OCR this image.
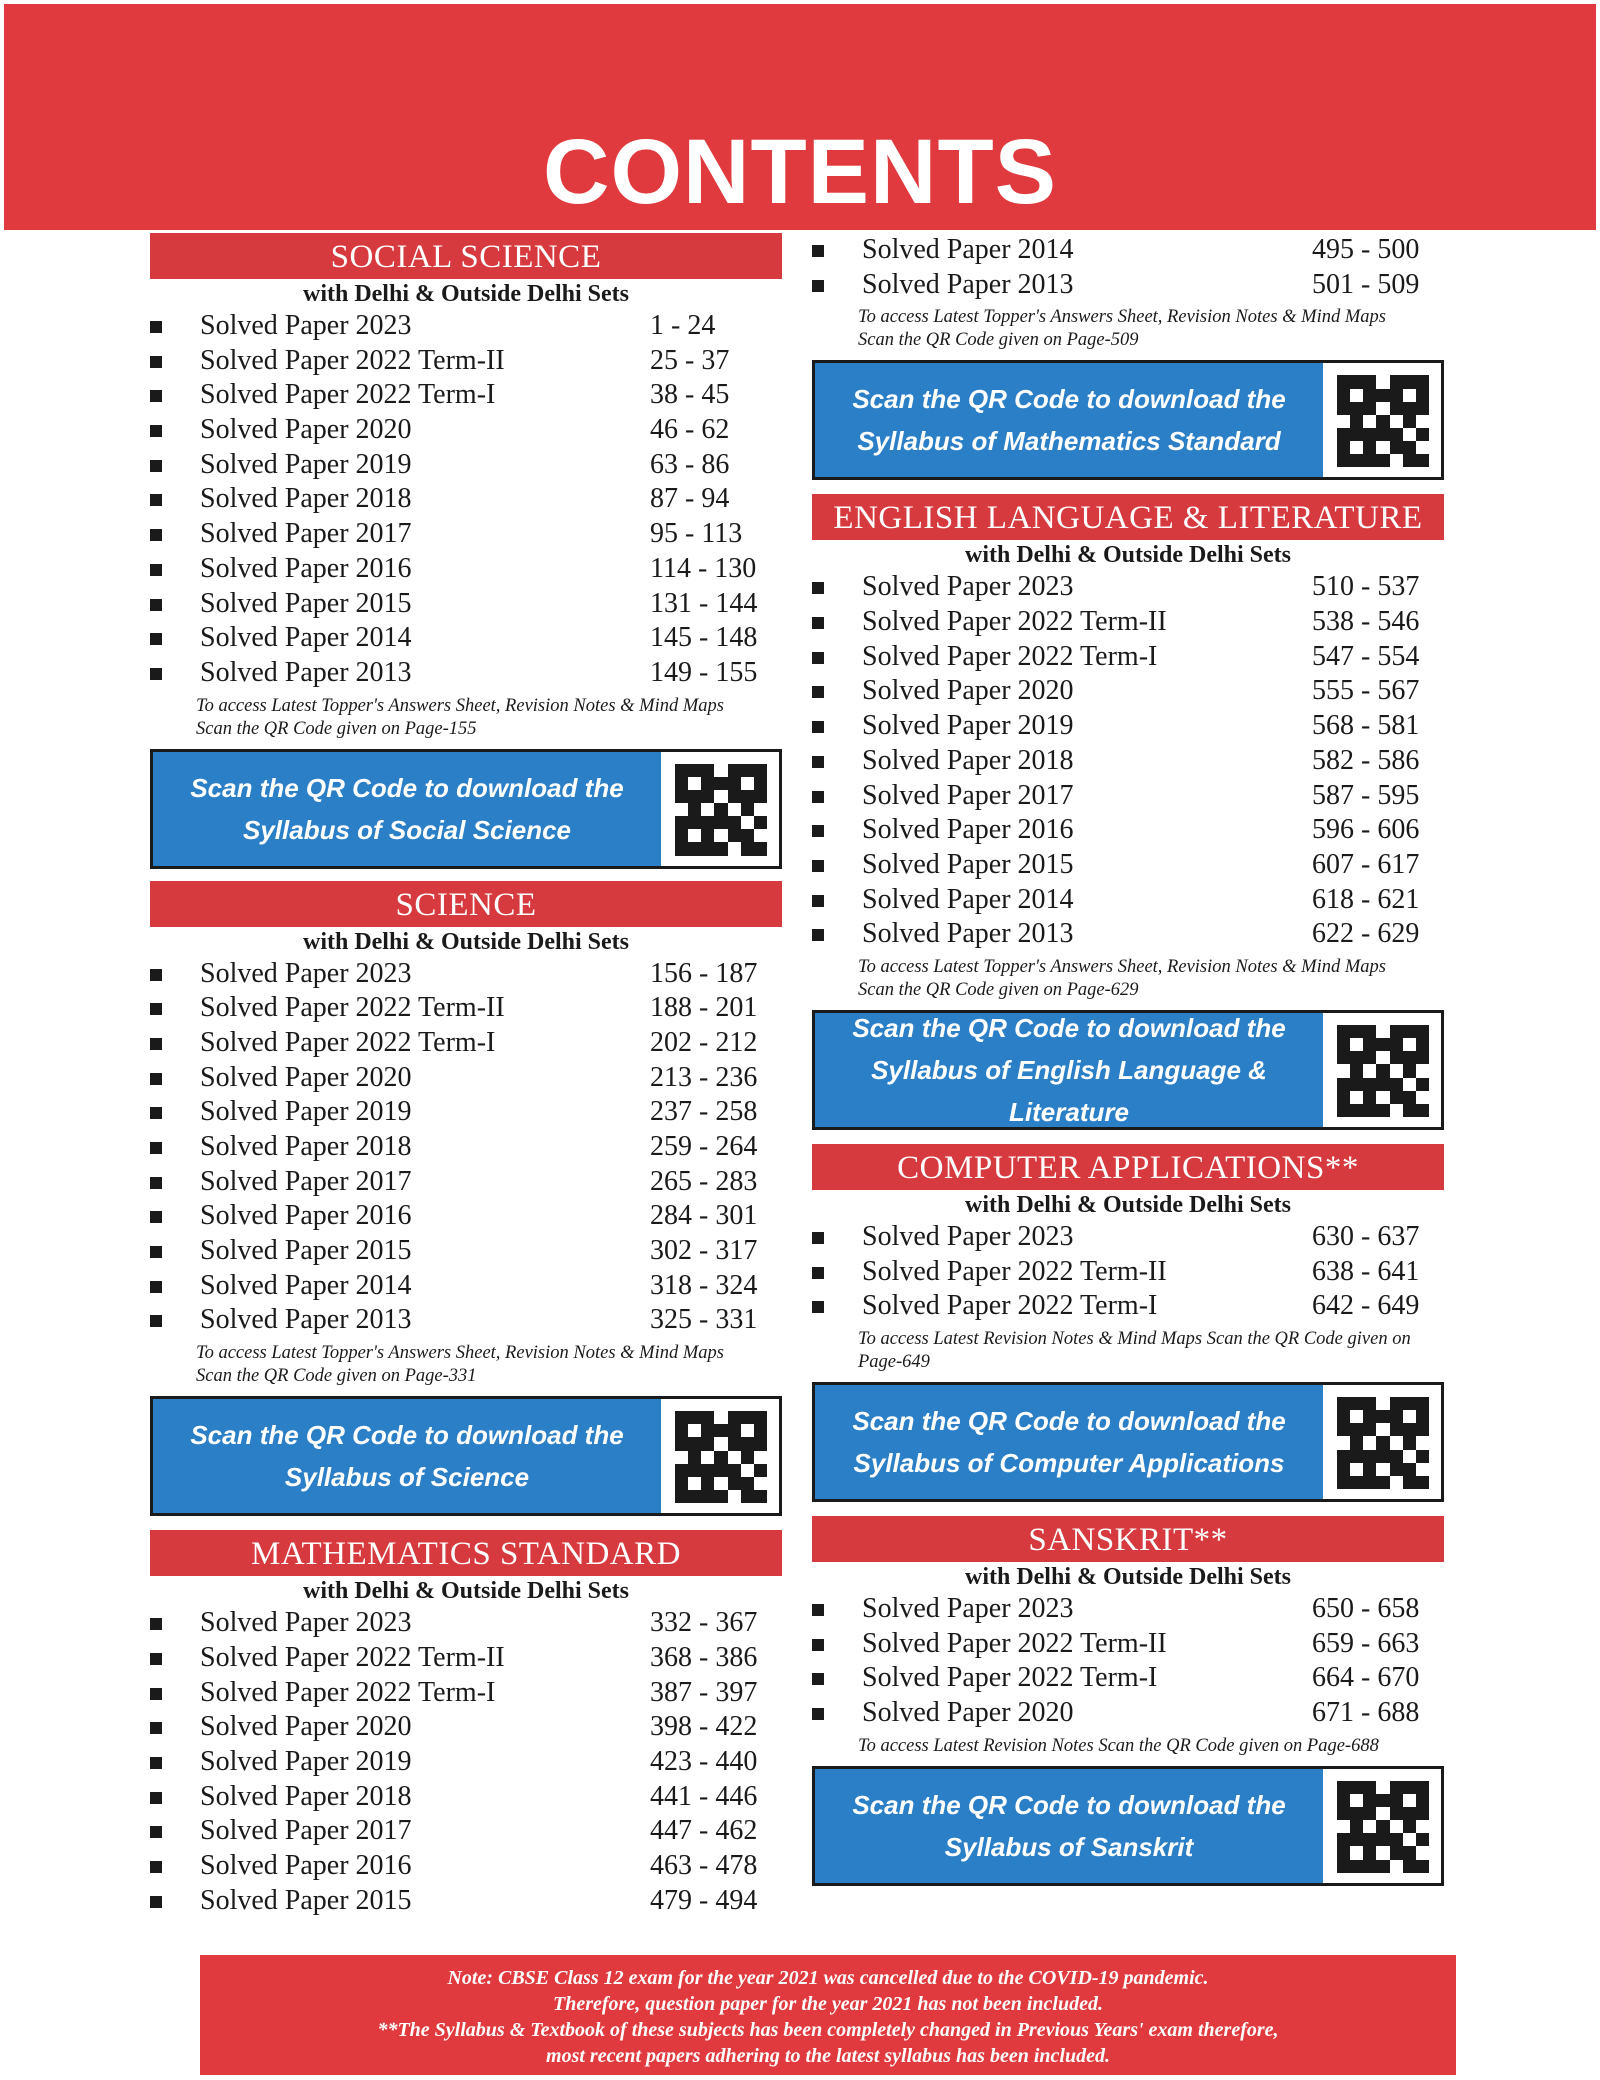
CONTENTS
SOCIAL SCIENCE
with Delhi & Outside Delhi Sets
Solved Paper 2023	1 - 24
Solved Paper 2022 Term-II	25 - 37
Solved Paper 2022 Term-I	38 - 45
Solved Paper 2020	46 - 62
Solved Paper 2019	63 - 86
Solved Paper 2018	87 - 94
Solved Paper 2017	95 - 113
Solved Paper 2016	114 - 130
Solved Paper 2015	131 - 144
Solved Paper 2014	145 - 148
Solved Paper 2013	149 - 155
To access Latest Topper's Answers Sheet, Revision Notes & Mind Maps Scan the QR Code given on Page-155
Scan the QR Code to download the Syllabus of Social Science
SCIENCE
with Delhi & Outside Delhi Sets
Solved Paper 2023	156 - 187
Solved Paper 2022 Term-II	188 - 201
Solved Paper 2022 Term-I	202 - 212
Solved Paper 2020	213 - 236
Solved Paper 2019	237 - 258
Solved Paper 2018	259 - 264
Solved Paper 2017	265 - 283
Solved Paper 2016	284 - 301
Solved Paper 2015	302 - 317
Solved Paper 2014	318 - 324
Solved Paper 2013	325 - 331
To access Latest Topper's Answers Sheet, Revision Notes & Mind Maps Scan the QR Code given on Page-331
Scan the QR Code to download the Syllabus of Science
MATHEMATICS STANDARD
with Delhi & Outside Delhi Sets
Solved Paper 2023	332 - 367
Solved Paper 2022 Term-II	368 - 386
Solved Paper 2022 Term-I	387 - 397
Solved Paper 2020	398 - 422
Solved Paper 2019	423 - 440
Solved Paper 2018	441 - 446
Solved Paper 2017	447 - 462
Solved Paper 2016	463 - 478
Solved Paper 2015	479 - 494
Solved Paper 2014	495 - 500
Solved Paper 2013	501 - 509
To access Latest Topper's Answers Sheet, Revision Notes & Mind Maps Scan the QR Code given on Page-509
Scan the QR Code to download the Syllabus of Mathematics Standard
ENGLISH LANGUAGE & LITERATURE
with Delhi & Outside Delhi Sets
Solved Paper 2023	510 - 537
Solved Paper 2022 Term-II	538 - 546
Solved Paper 2022 Term-I	547 - 554
Solved Paper 2020	555 - 567
Solved Paper 2019	568 - 581
Solved Paper 2018	582 - 586
Solved Paper 2017	587 - 595
Solved Paper 2016	596 - 606
Solved Paper 2015	607 - 617
Solved Paper 2014	618 - 621
Solved Paper 2013	622 - 629
To access Latest Topper's Answers Sheet, Revision Notes & Mind Maps Scan the QR Code given on Page-629
Scan the QR Code to download the Syllabus of English Language & Literature
COMPUTER APPLICATIONS**
with Delhi & Outside Delhi Sets
Solved Paper 2023	630 - 637
Solved Paper 2022 Term-II	638 - 641
Solved Paper 2022 Term-I	642 - 649
To access Latest Revision Notes & Mind Maps Scan the QR Code given on Page-649
Scan the QR Code to download the Syllabus of Computer Applications
SANSKRIT**
with Delhi & Outside Delhi Sets
Solved Paper 2023	650 - 658
Solved Paper 2022 Term-II	659 - 663
Solved Paper 2022 Term-I	664 - 670
Solved Paper 2020	671 - 688
To access Latest Revision Notes Scan the QR Code given on Page-688
Scan the QR Code to download the Syllabus of Sanskrit
Note: CBSE Class 12 exam for the year 2021 was cancelled due to the COVID-19 pandemic.
Therefore, question paper for the year 2021 has not been included.
**The Syllabus & Textbook of these subjects has been completely changed in Previous Years' exam therefore,
most recent papers adhering to the latest syllabus has been included.
